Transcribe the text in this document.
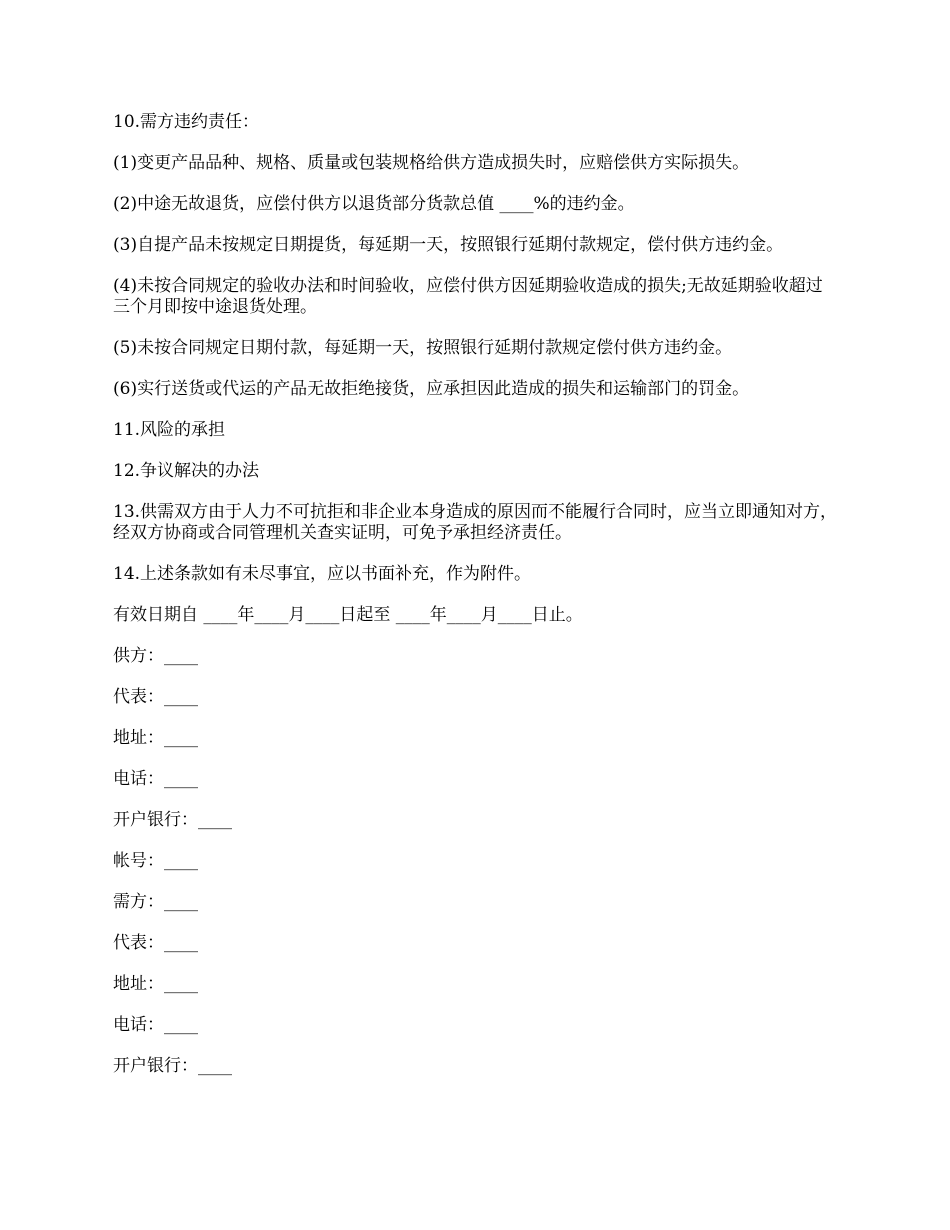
10.需方违约责任：

(1)变更产品品种、规格、质量或包装规格给供方造成损失时，应赔偿供方实际损失。

(2)中途无故退货，应偿付供方以退货部分货款总值 ____%的违约金。

(3)自提产品未按规定日期提货，每延期一天，按照银行延期付款规定，偿付供方违约金。

(4)未按合同规定的验收办法和时间验收，应偿付供方因延期验收造成的损失;无故延期验收超过三个月即按中途退货处理。

(5)未按合同规定日期付款，每延期一天，按照银行延期付款规定偿付供方违约金。

(6)实行送货或代运的产品无故拒绝接货，应承担因此造成的损失和运输部门的罚金。

11.风险的承担

12.争议解决的办法

13.供需双方由于人力不可抗拒和非企业本身造成的原因而不能履行合同时，应当立即通知对方，经双方协商或合同管理机关查实证明，可免予承担经济责任。

14.上述条款如有未尽事宜，应以书面补充，作为附件。

有效日期自 ____年____月____日起至 ____年____月____日止。

供方：____

代表：____

地址：____

电话：____

开户银行：____

帐号：____

需方：____

代表：____

地址：____

电话：____

开户银行：____
